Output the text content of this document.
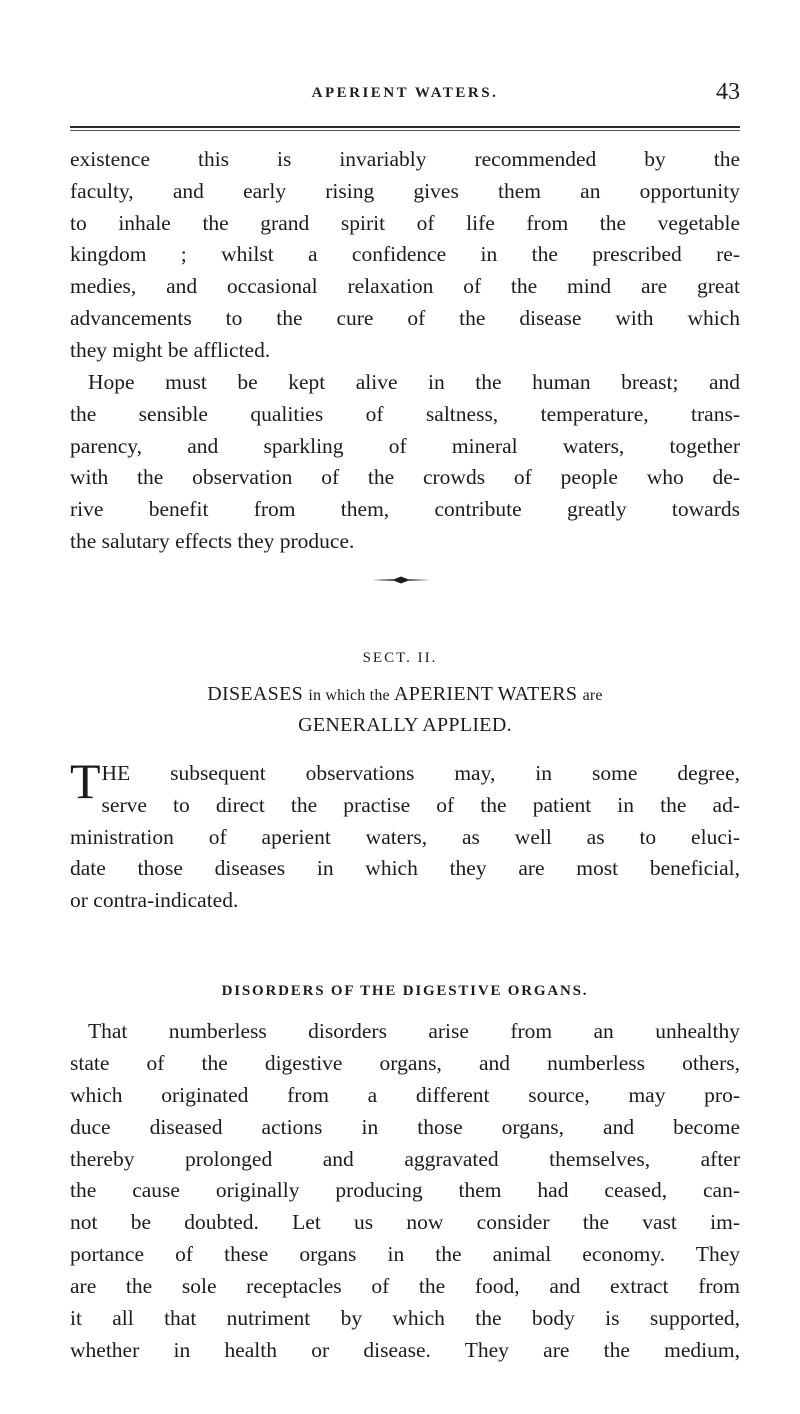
APERIENT WATERS.	43
existence this is invariably recommended by the
faculty, and early rising gives them an opportunity
to inhale the grand spirit of life from the vegetable
kingdom ; whilst a confidence in the prescribed re-
medies, and occasional relaxation of the mind are great
advancements to the cure of the disease with which
they might be afflicted.
Hope must be kept alive in the human breast; and
the sensible qualities of saltness, temperature, trans-
parency, and sparkling of mineral waters, together
with the observation of the crowds of people who de-
rive benefit from them, contribute greatly towards
the salutary effects they produce.
SECT. II.
DISEASES in which the APERIENT WATERS are
GENERALLY APPLIED.
THE subsequent observations may, in some degree,
serve to direct the practise of the patient in the ad-
ministration of aperient waters, as well as to eluci-
date those diseases in which they are most beneficial,
or contra-indicated.
DISORDERS OF THE DIGESTIVE ORGANS.
That numberless disorders arise from an unhealthy
state of the digestive organs, and numberless others,
which originated from a different source, may pro-
duce diseased actions in those organs, and become
thereby prolonged and aggravated themselves, after
the cause originally producing them had ceased, can-
not be doubted. Let us now consider the vast im-
portance of these organs in the animal economy. They
are the sole receptacles of the food, and extract from
it all that nutriment by which the body is supported,
whether in health or disease. They are the medium,
